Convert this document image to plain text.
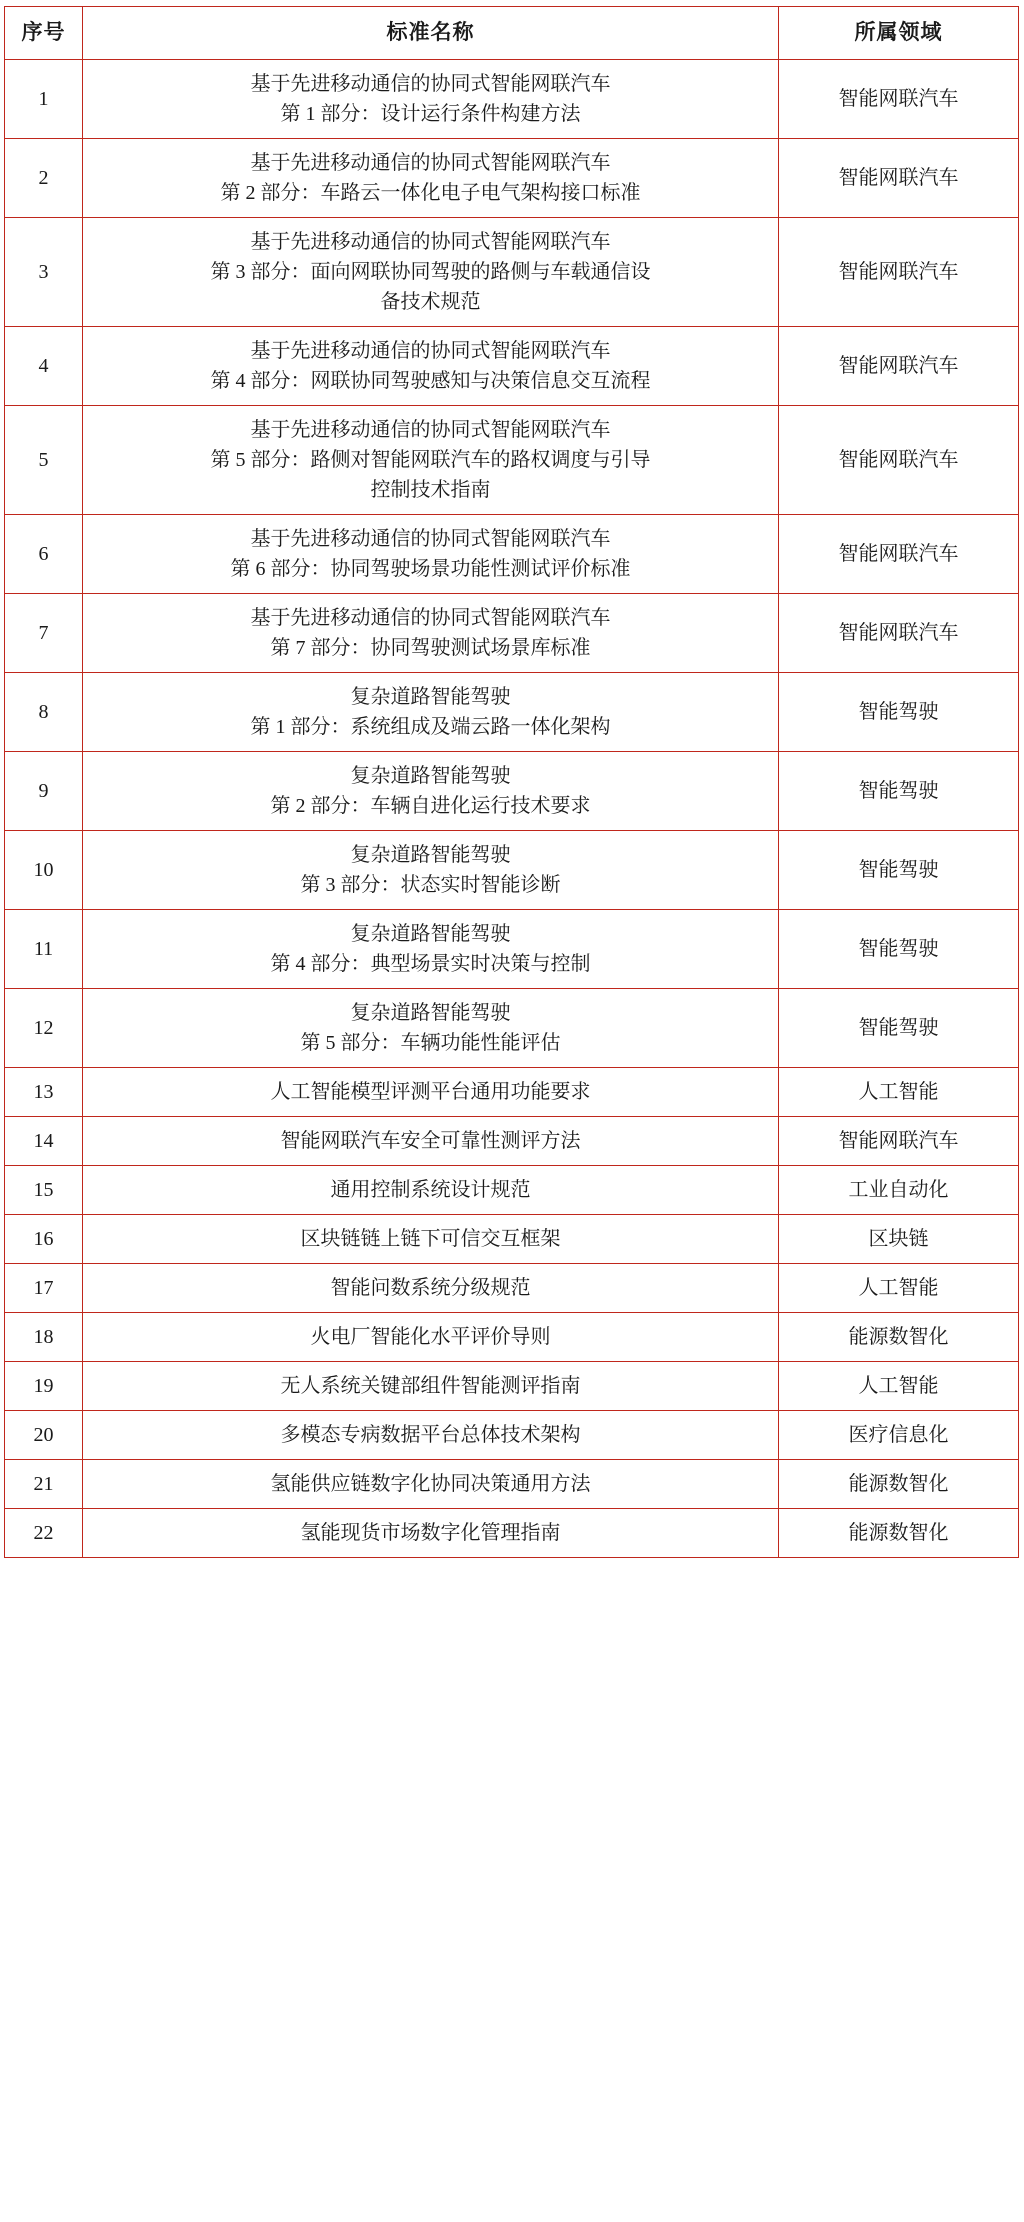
序号	标准名称	所属领域
1	基于先进移动通信的协同式智能网联汽车
第 1 部分：设计运行条件构建方法	智能网联汽车
2	基于先进移动通信的协同式智能网联汽车
第 2 部分：车路云一体化电子电气架构接口标准	智能网联汽车
3	基于先进移动通信的协同式智能网联汽车
第 3 部分：面向网联协同驾驶的路侧与车载通信设
备技术规范	智能网联汽车
4	基于先进移动通信的协同式智能网联汽车
第 4 部分：网联协同驾驶感知与决策信息交互流程	智能网联汽车
5	基于先进移动通信的协同式智能网联汽车
第 5 部分：路侧对智能网联汽车的路权调度与引导
控制技术指南	智能网联汽车
6	基于先进移动通信的协同式智能网联汽车
第 6 部分：协同驾驶场景功能性测试评价标准	智能网联汽车
7	基于先进移动通信的协同式智能网联汽车
第 7 部分：协同驾驶测试场景库标准	智能网联汽车
8	复杂道路智能驾驶
第 1 部分：系统组成及端云路一体化架构	智能驾驶
9	复杂道路智能驾驶
第 2 部分：车辆自进化运行技术要求	智能驾驶
10	复杂道路智能驾驶
第 3 部分：状态实时智能诊断	智能驾驶
11	复杂道路智能驾驶
第 4 部分：典型场景实时决策与控制	智能驾驶
12	复杂道路智能驾驶
第 5 部分：车辆功能性能评估	智能驾驶
13	人工智能模型评测平台通用功能要求	人工智能
14	智能网联汽车安全可靠性测评方法	智能网联汽车
15	通用控制系统设计规范	工业自动化
16	区块链链上链下可信交互框架	区块链
17	智能问数系统分级规范	人工智能
18	火电厂智能化水平评价导则	能源数智化
19	无人系统关键部组件智能测评指南	人工智能
20	多模态专病数据平台总体技术架构	医疗信息化
21	氢能供应链数字化协同决策通用方法	能源数智化
22	氢能现货市场数字化管理指南	能源数智化
